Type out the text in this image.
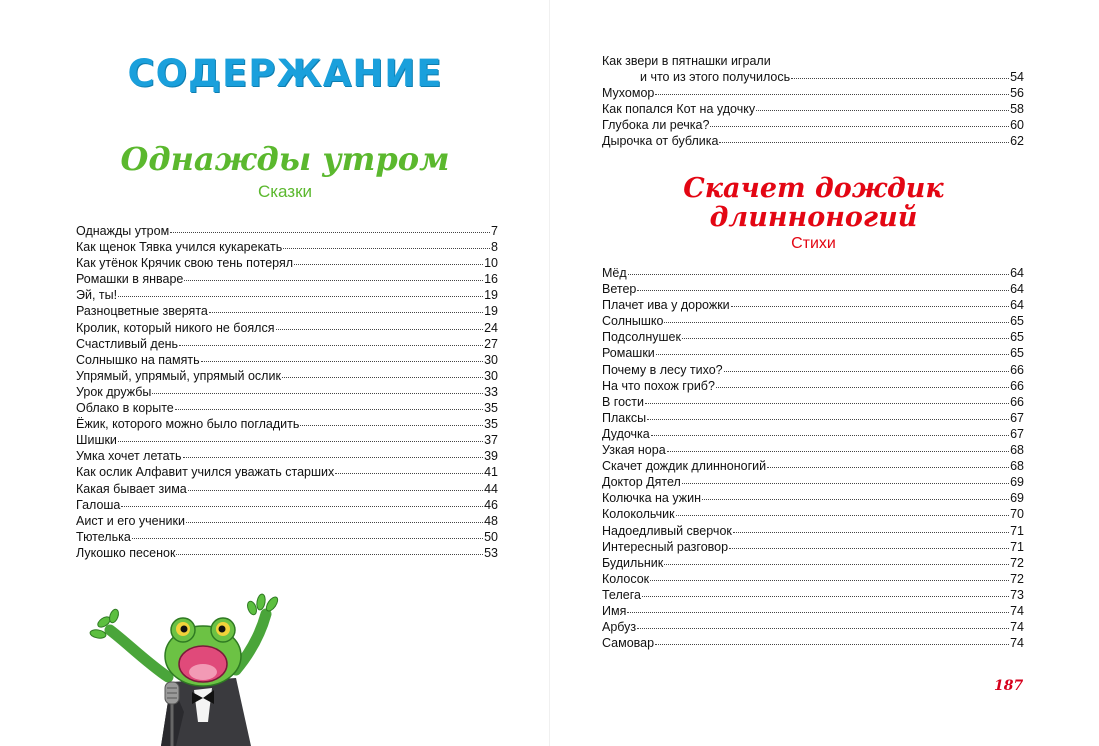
СОДЕРЖАНИЕ
Однажды утром
Сказки
Однажды утром	7
Как щенок Тявка учился кукарекать	8
Как утёнок Крячик свою тень потерял	10
Ромашки в январе	16
Эй, ты!	19
Разноцветные зверята	19
Кролик, который никого не боялся	24
Счастливый день	27
Солнышко на память	30
Упрямый, упрямый, упрямый ослик	30
Урок дружбы	33
Облако в корыте	35
Ёжик, которого можно было погладить	35
Шишки	37
Умка хочет летать	39
Как ослик Алфавит учился уважать старших	41
Какая бывает зима	44
Галоша	46
Аист и его ученики	48
Тютелька	50
Лукошко песенок	53
Как звери в пятнашки играли
и что из этого получилось	54
Мухомор	56
Как попался Кот на удочку	58
Глубока ли речка?	60
Дырочка от бублика	62
Скачет дождик
длинноногий
Стихи
Мёд	64
Ветер	64
Плачет ива у дорожки	64
Солнышко	65
Подсолнушек	65
Ромашки	65
Почему в лесу тихо?	66
На что похож гриб?	66
В гости	66
Плаксы	67
Дудочка	67
Узкая нора	68
Скачет дождик длинноногий	68
Доктор Дятел	69
Колючка на ужин	69
Колокольчик	70
Надоедливый сверчок	71
Интересный разговор	71
Будильник	72
Колосок	72
Телега	73
Имя	74
Арбуз	74
Самовар	74
187
